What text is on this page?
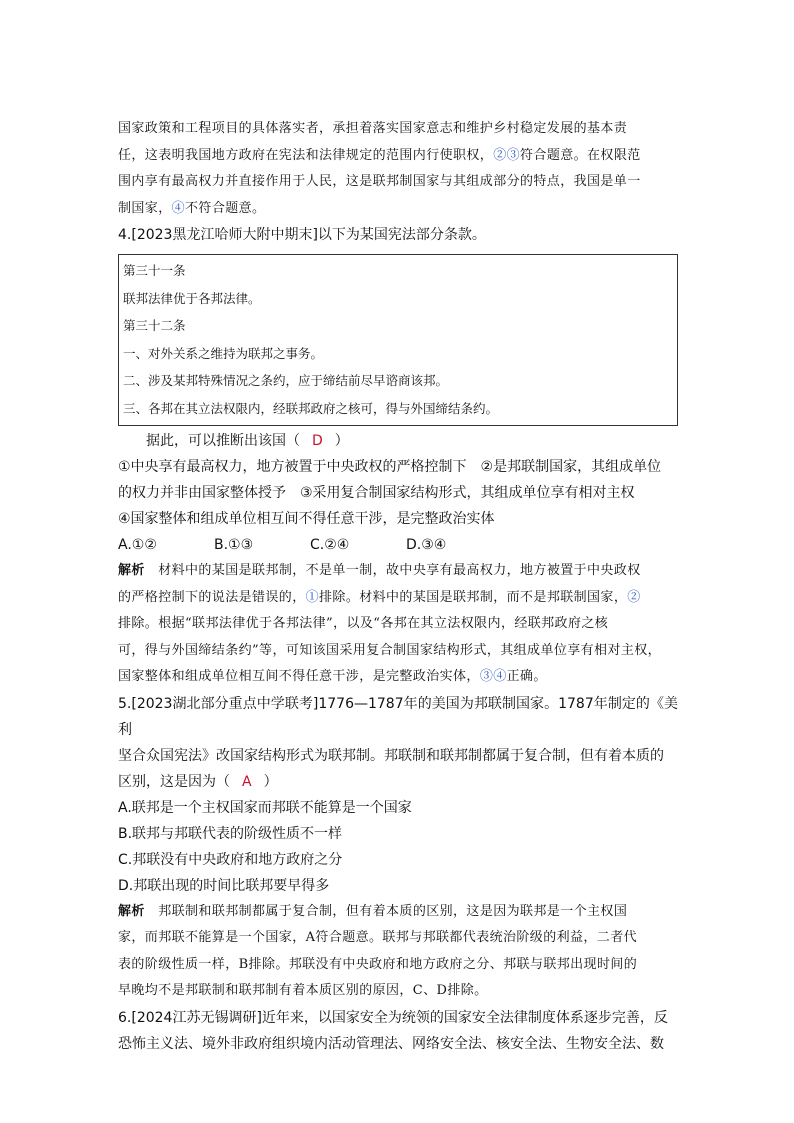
国家政策和工程项目的具体落实者，承担着落实国家意志和维护乡村稳定发展的基本责

任，这表明我国地方政府在宪法和法律规定的范围内行使职权，②③符合题意。在权限范

围内享有最高权力并直接作用于人民，这是联邦制国家与其组成部分的特点，我国是单一

制国家，④不符合题意。

4.[2023黑龙江哈师大附中期末]以下为某国宪法部分条款。

第三十一条

联邦法律优于各邦法律。

第三十二条

一、对外关系之维持为联邦之事务。

二、涉及某邦特殊情况之条约，应于缔结前尽早谘商该邦。

三、各邦在其立法权限内，经联邦政府之核可，得与外国缔结条约。

据此，可以推断出该国（ D ）

①中央享有最高权力，地方被置于中央政权的严格控制下　②是邦联制国家，其组成单位

的权力并非由国家整体授予　③采用复合制国家结构形式，其组成单位享有相对主权

④国家整体和组成单位相互间不得任意干涉，是完整政治实体

A.①②	B.①③	C.②④	D.③④

解析　材料中的某国是联邦制，不是单一制，故中央享有最高权力，地方被置于中央政权

的严格控制下的说法是错误的，①排除。材料中的某国是联邦制，而不是邦联制国家，②

排除。根据“联邦法律优于各邦法律”，以及“各邦在其立法权限内，经联邦政府之核

可，得与外国缔结条约”等，可知该国采用复合制国家结构形式，其组成单位享有相对主权，

国家整体和组成单位相互间不得任意干涉，是完整政治实体，③④正确。

5.[2023湖北部分重点中学联考]1776—1787年的美国为邦联制国家。1787年制定的《美利

坚合众国宪法》改国家结构形式为联邦制。邦联制和联邦制都属于复合制，但有着本质的

区别，这是因为（ A ）

A.联邦是一个主权国家而邦联不能算是一个国家

B.联邦与邦联代表的阶级性质不一样

C.邦联没有中央政府和地方政府之分

D.邦联出现的时间比联邦要早得多

解析　邦联制和联邦制都属于复合制，但有着本质的区别，这是因为联邦是一个主权国

家，而邦联不能算是一个国家，A符合题意。联邦与邦联都代表统治阶级的利益，二者代

表的阶级性质一样，B排除。邦联没有中央政府和地方政府之分、邦联与联邦出现时间的

早晚均不是邦联制和联邦制有着本质区别的原因，C、D排除。

6.[2024江苏无锡调研]近年来，以国家安全为统领的国家安全法律制度体系逐步完善，反

恐怖主义法、境外非政府组织境内活动管理法、网络安全法、核安全法、生物安全法、数
